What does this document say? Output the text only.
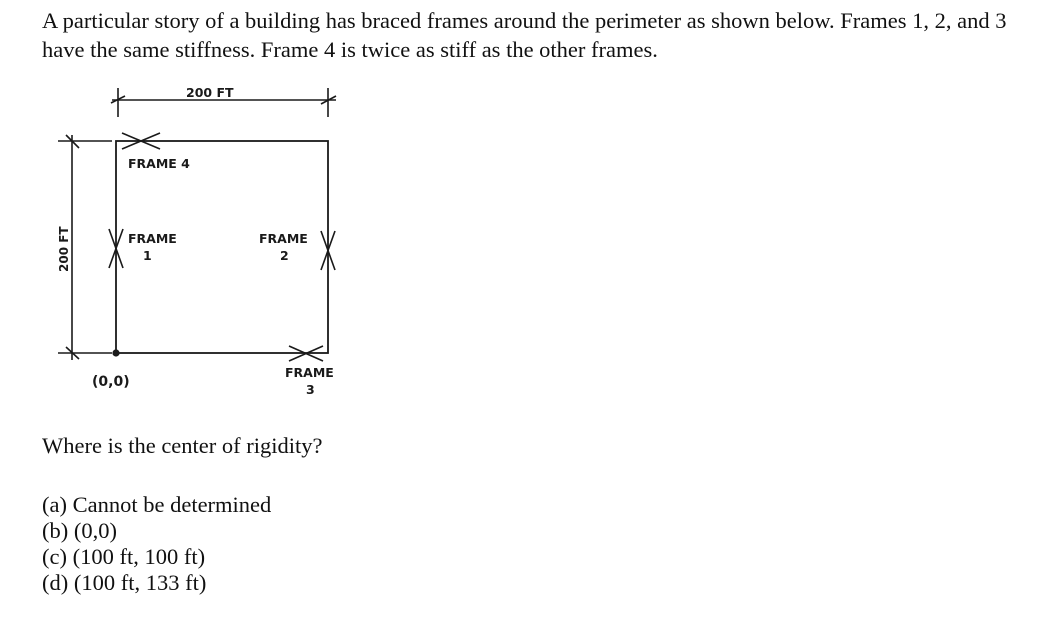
A particular story of a building has braced frames around the perimeter as shown below. Frames 1, 2, and 3 have the same stiffness. Frame 4 is twice as stiff as the other frames.

200 FT
200 FT
(0,0)
FRAME 4
FRAME
1
FRAME
2
FRAME
3

Where is the center of rigidity?

(a) Cannot be determined
(b) (0,0)
(c) (100 ft, 100 ft)
(d) (100 ft, 133 ft)
